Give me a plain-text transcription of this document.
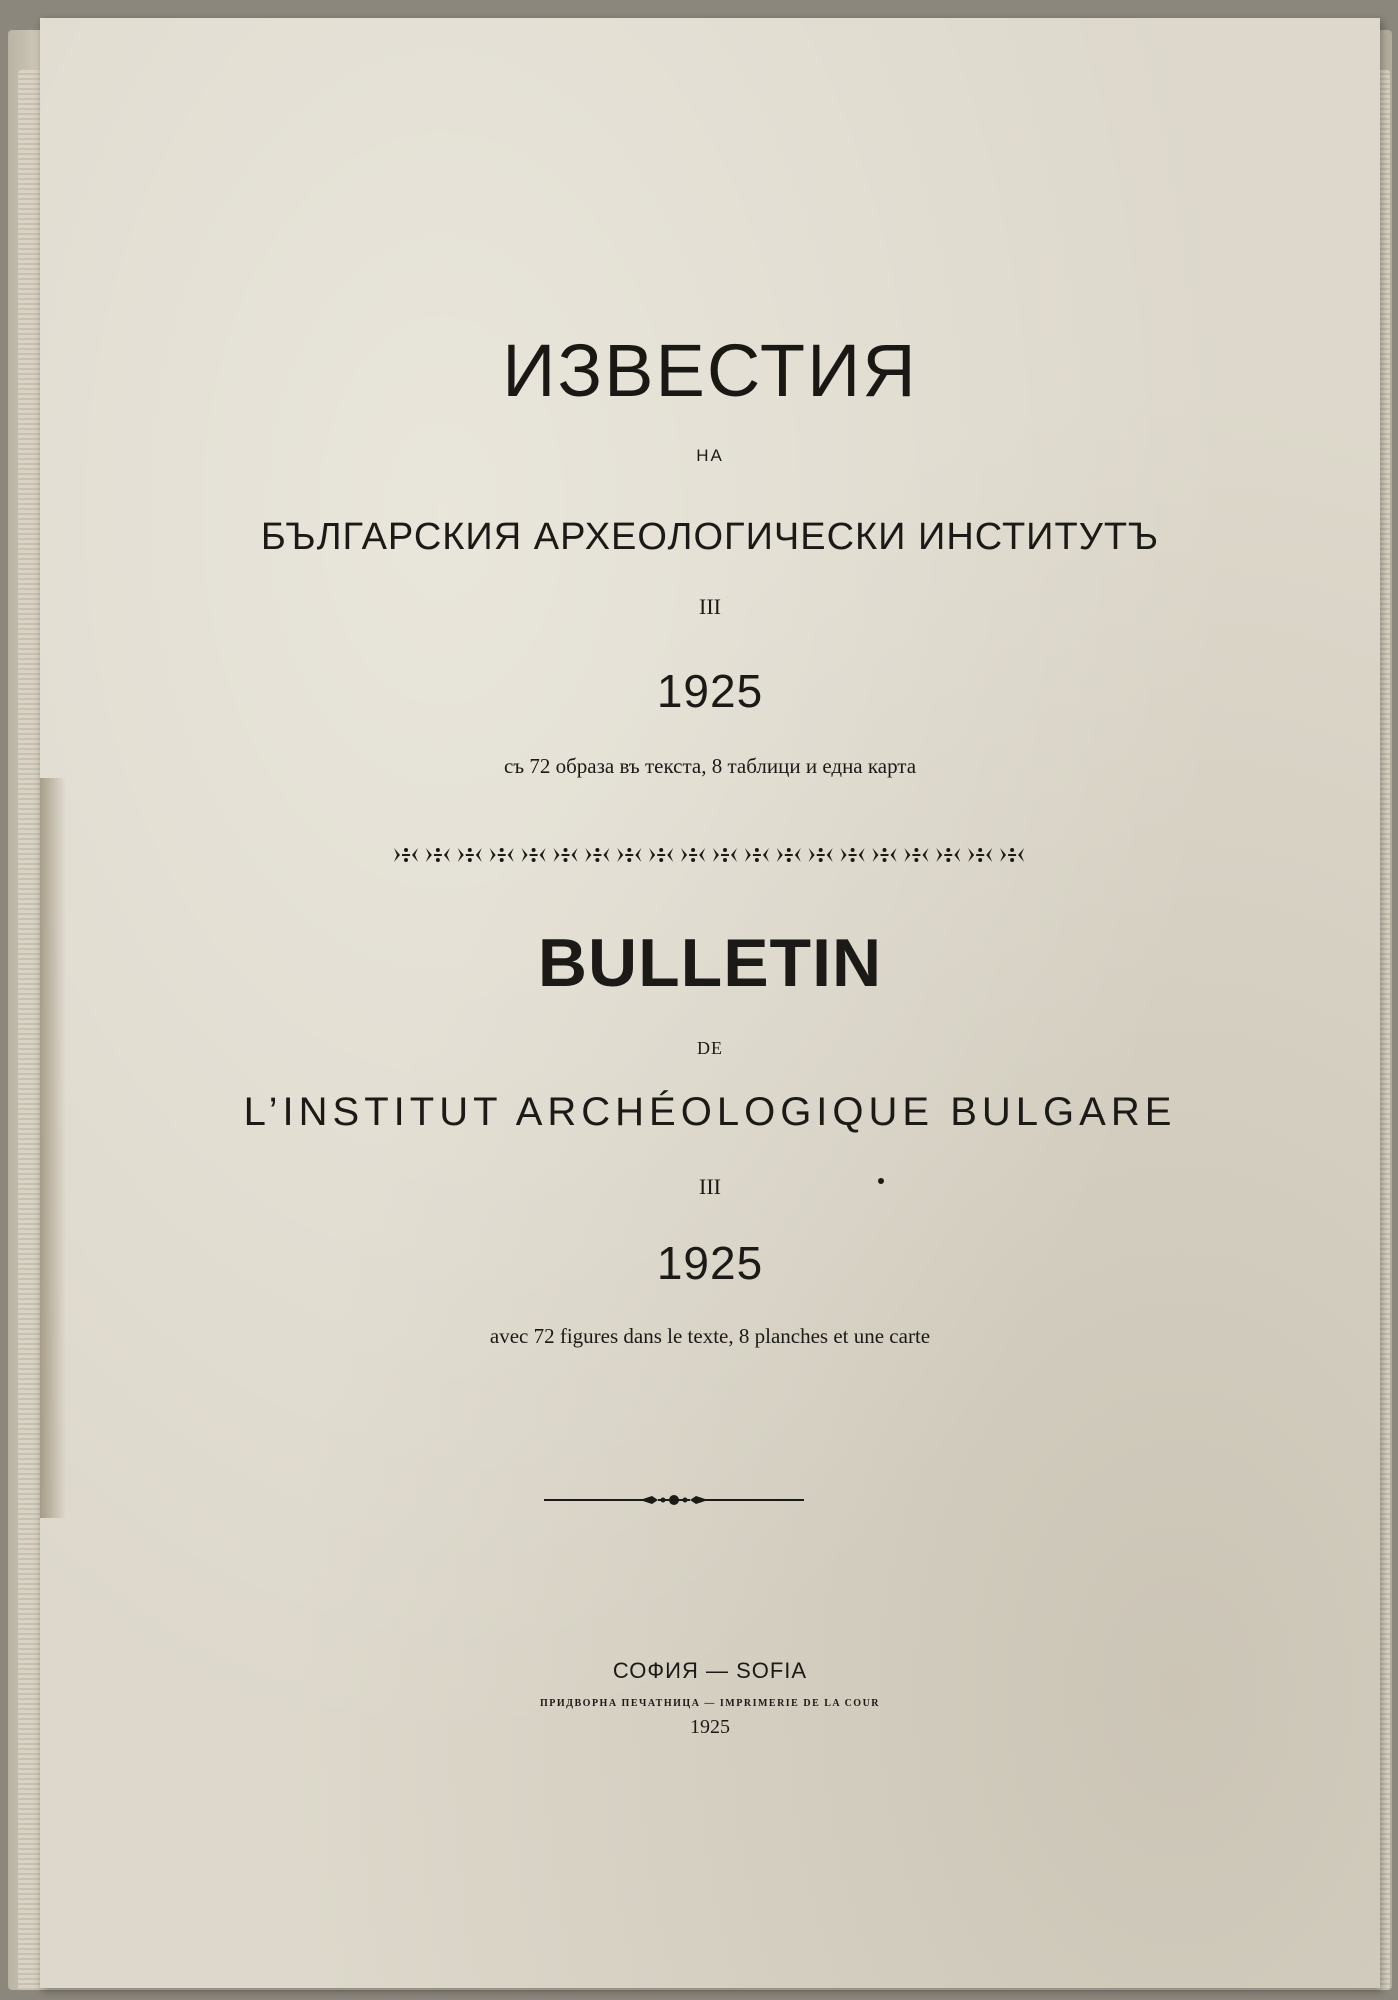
ИЗВЕСТИЯ
НА
БЪЛГАРСКИЯ АРХЕОЛОГИЧЕСКИ ИНСТИТУТЪ
III
1925
съ 72 образа въ текста, 8 таблици и една карта
BULLETIN
DE
L’INSTITUT ARCHÉOLOGIQUE BULGARE
III
1925
avec 72 figures dans le texte, 8 planches et une carte
СОФИЯ — SOFIA
ПРИДВОРНА ПЕЧАТНИЦА — IMPRIMERIE DE LA COUR
1925
